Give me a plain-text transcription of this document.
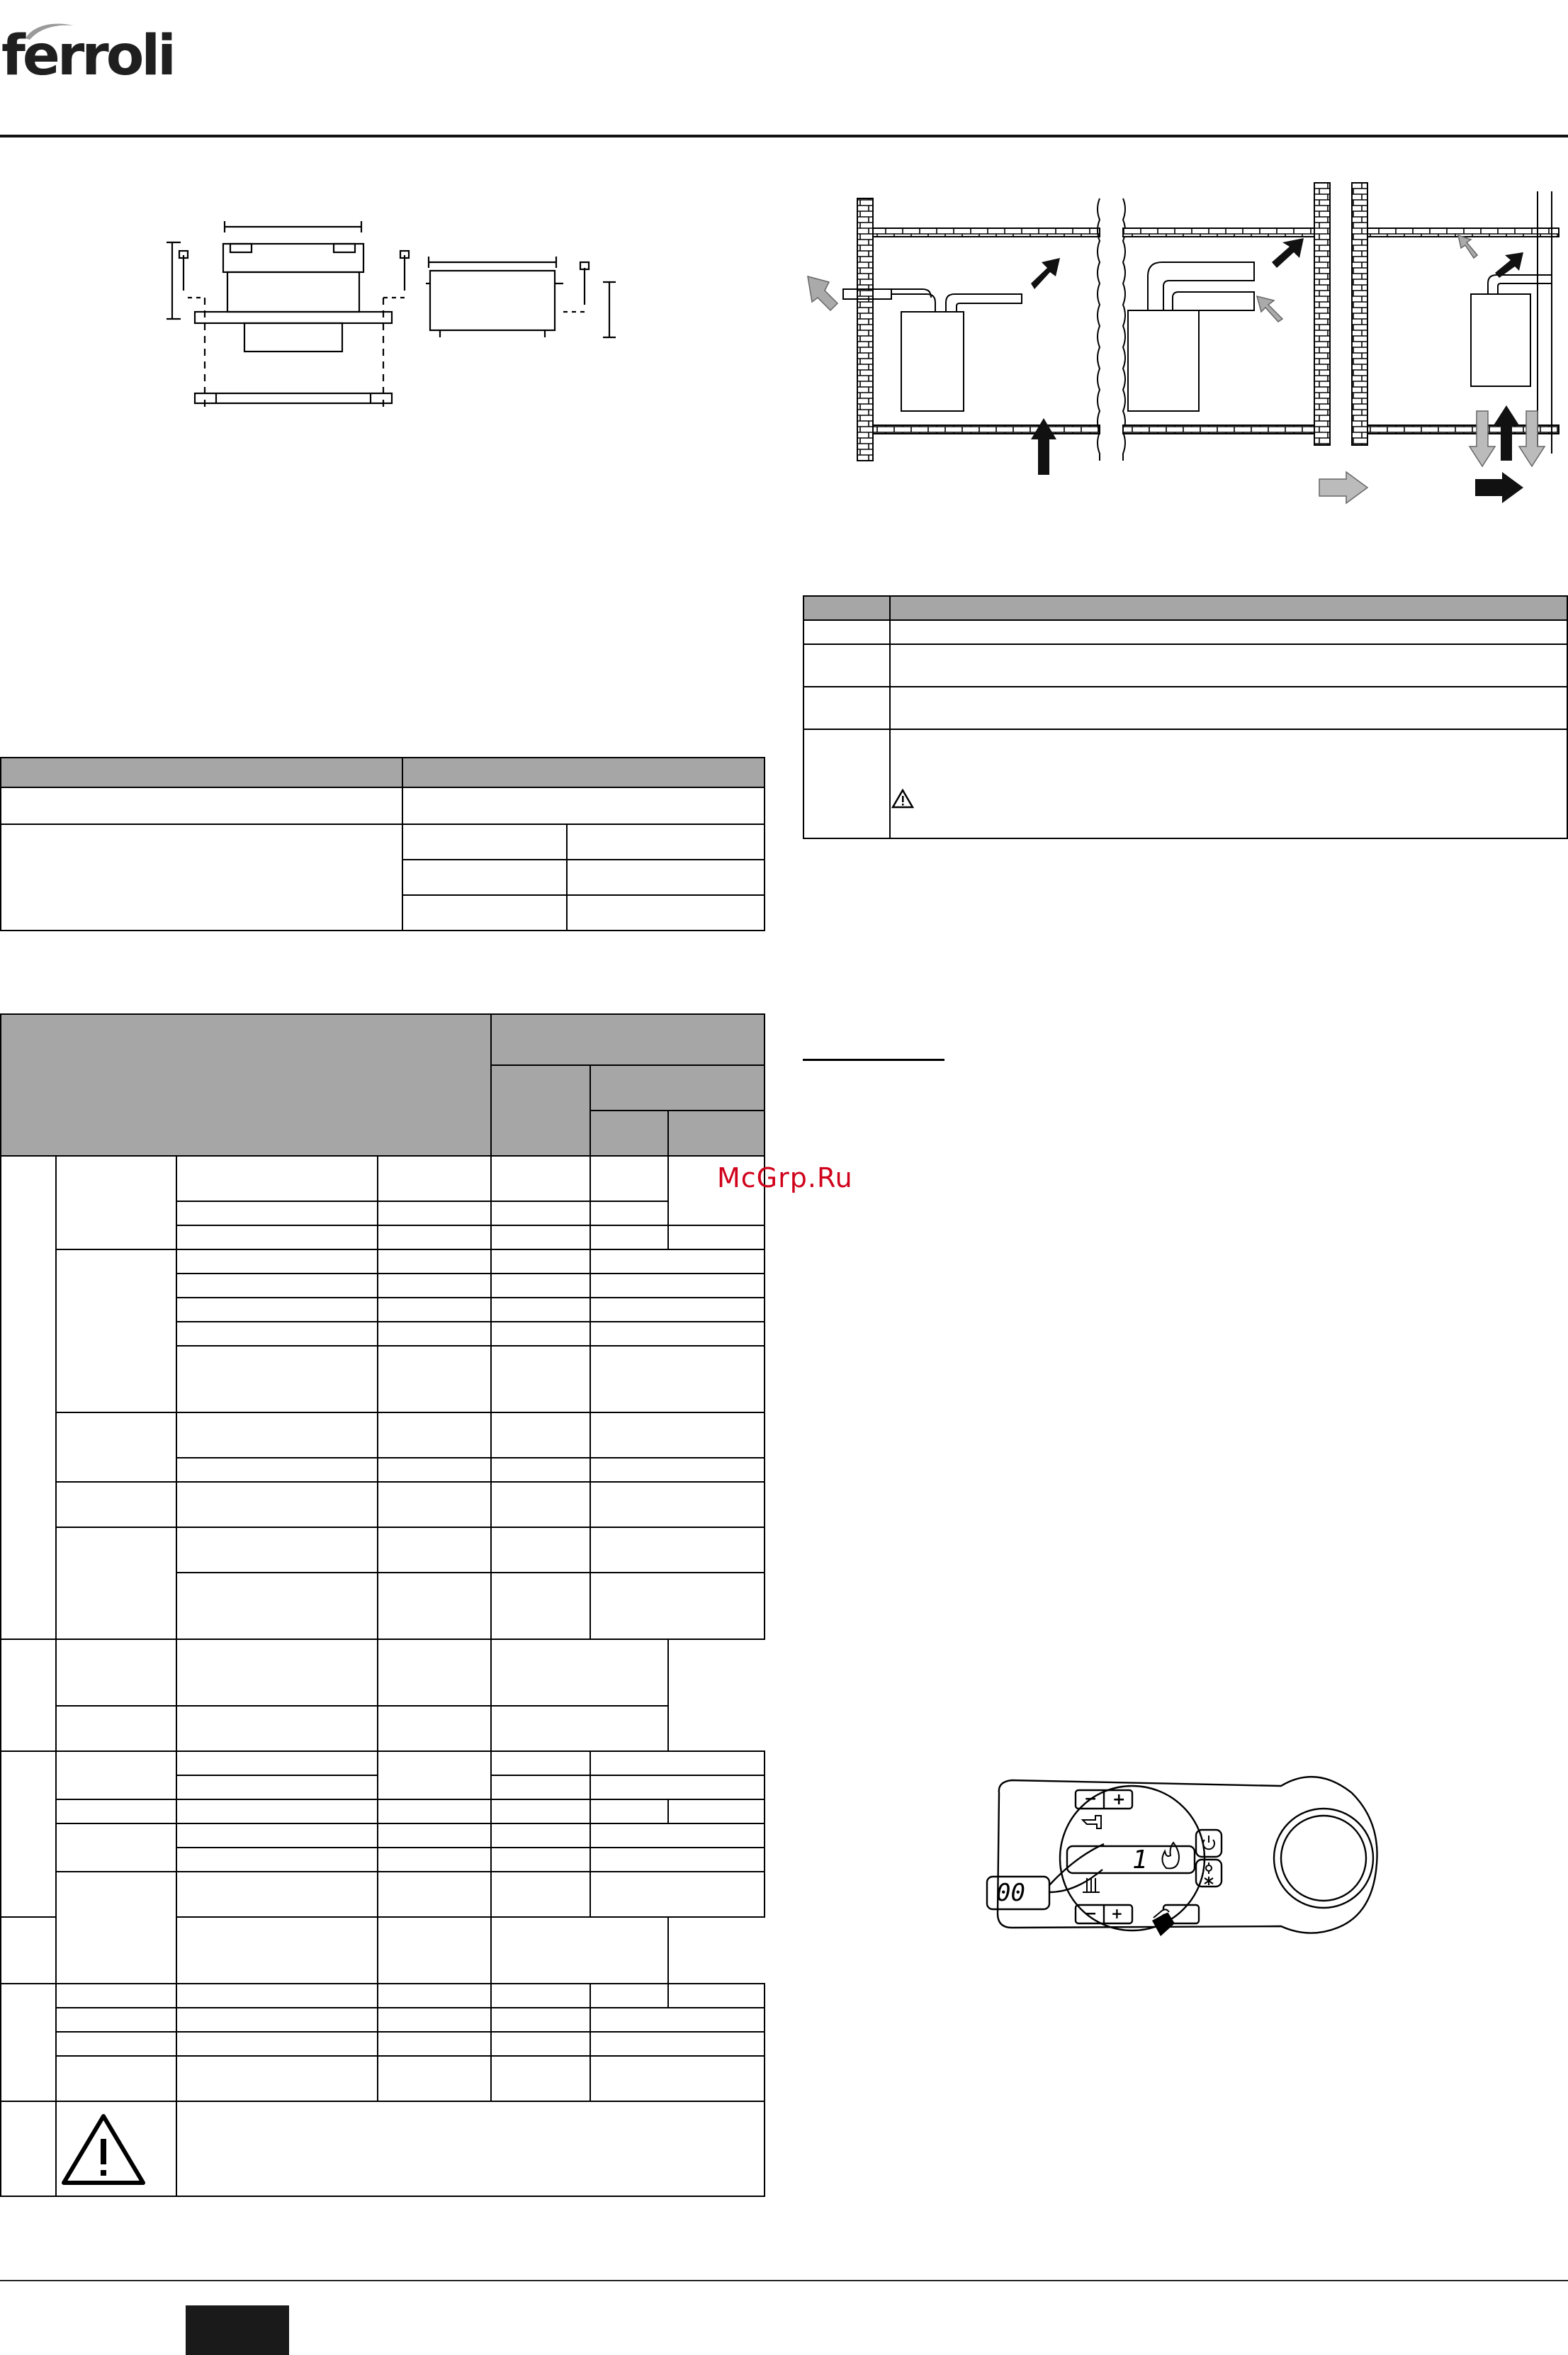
ferroli

McGrp.Ru
− +
− +
1
00
